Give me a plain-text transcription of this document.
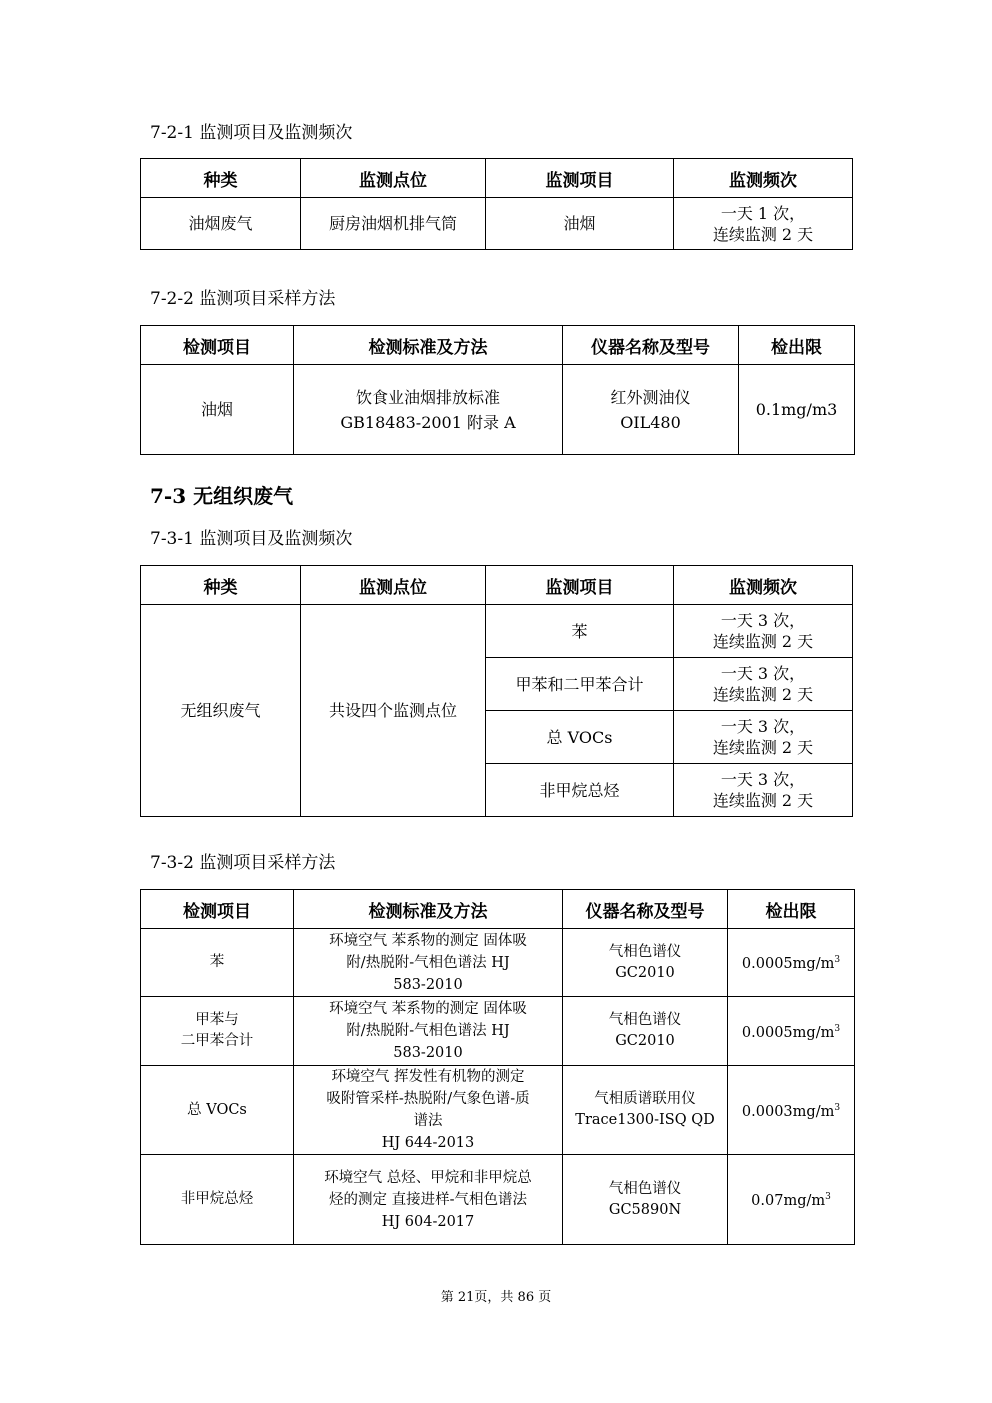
7-2-1 监测项目及监测频次
种类	监测点位	监测项目	监测频次
油烟废气	厨房油烟机排气筒	油烟	一天 1 次，
连续监测 2 天
7-2-2 监测项目采样方法
检测项目	检测标准及方法	仪器名称及型号	检出限
油烟	饮食业油烟排放标准
GB18483-2001 附录 A	红外测油仪
OIL480	0.1mg/m3
7-3 无组织废气
7-3-1 监测项目及监测频次
种类	监测点位	监测项目	监测频次
无组织废气	共设四个监测点位	苯	一天 3 次，
连续监测 2 天

		甲苯和二甲苯合计	一天 3 次，
连续监测 2 天

		总 VOCs	一天 3 次，
连续监测 2 天

		非甲烷总烃	一天 3 次，
连续监测 2 天
7-3-2 监测项目采样方法
检测项目	检测标准及方法	仪器名称及型号	检出限

苯	环境空气 苯系物的测定 固体吸
附/热脱附-气相色谱法 HJ
583-2010	气相色谱仪
GC2010	$0.0005mg/m^3$

甲苯与
二甲苯合计	环境空气 苯系物的测定 固体吸
附/热脱附-气相色谱法 HJ
583-2010	气相色谱仪
GC2010	$0.0005mg/m^3$

总 VOCs	环境空气 挥发性有机物的测定
吸附管采样-热脱附/气象色谱-质
谱法
HJ 644-2013	气相质谱联用仪
Trace1300-ISQ QD	$0.0003mg/m^3$

非甲烷总烃	环境空气 总烃、甲烷和非甲烷总
烃的测定 直接进样-气相色谱法
HJ 604-2017	气相色谱仪
GC5890N	$0.07mg/m^3$
第 21页，共 86 页
